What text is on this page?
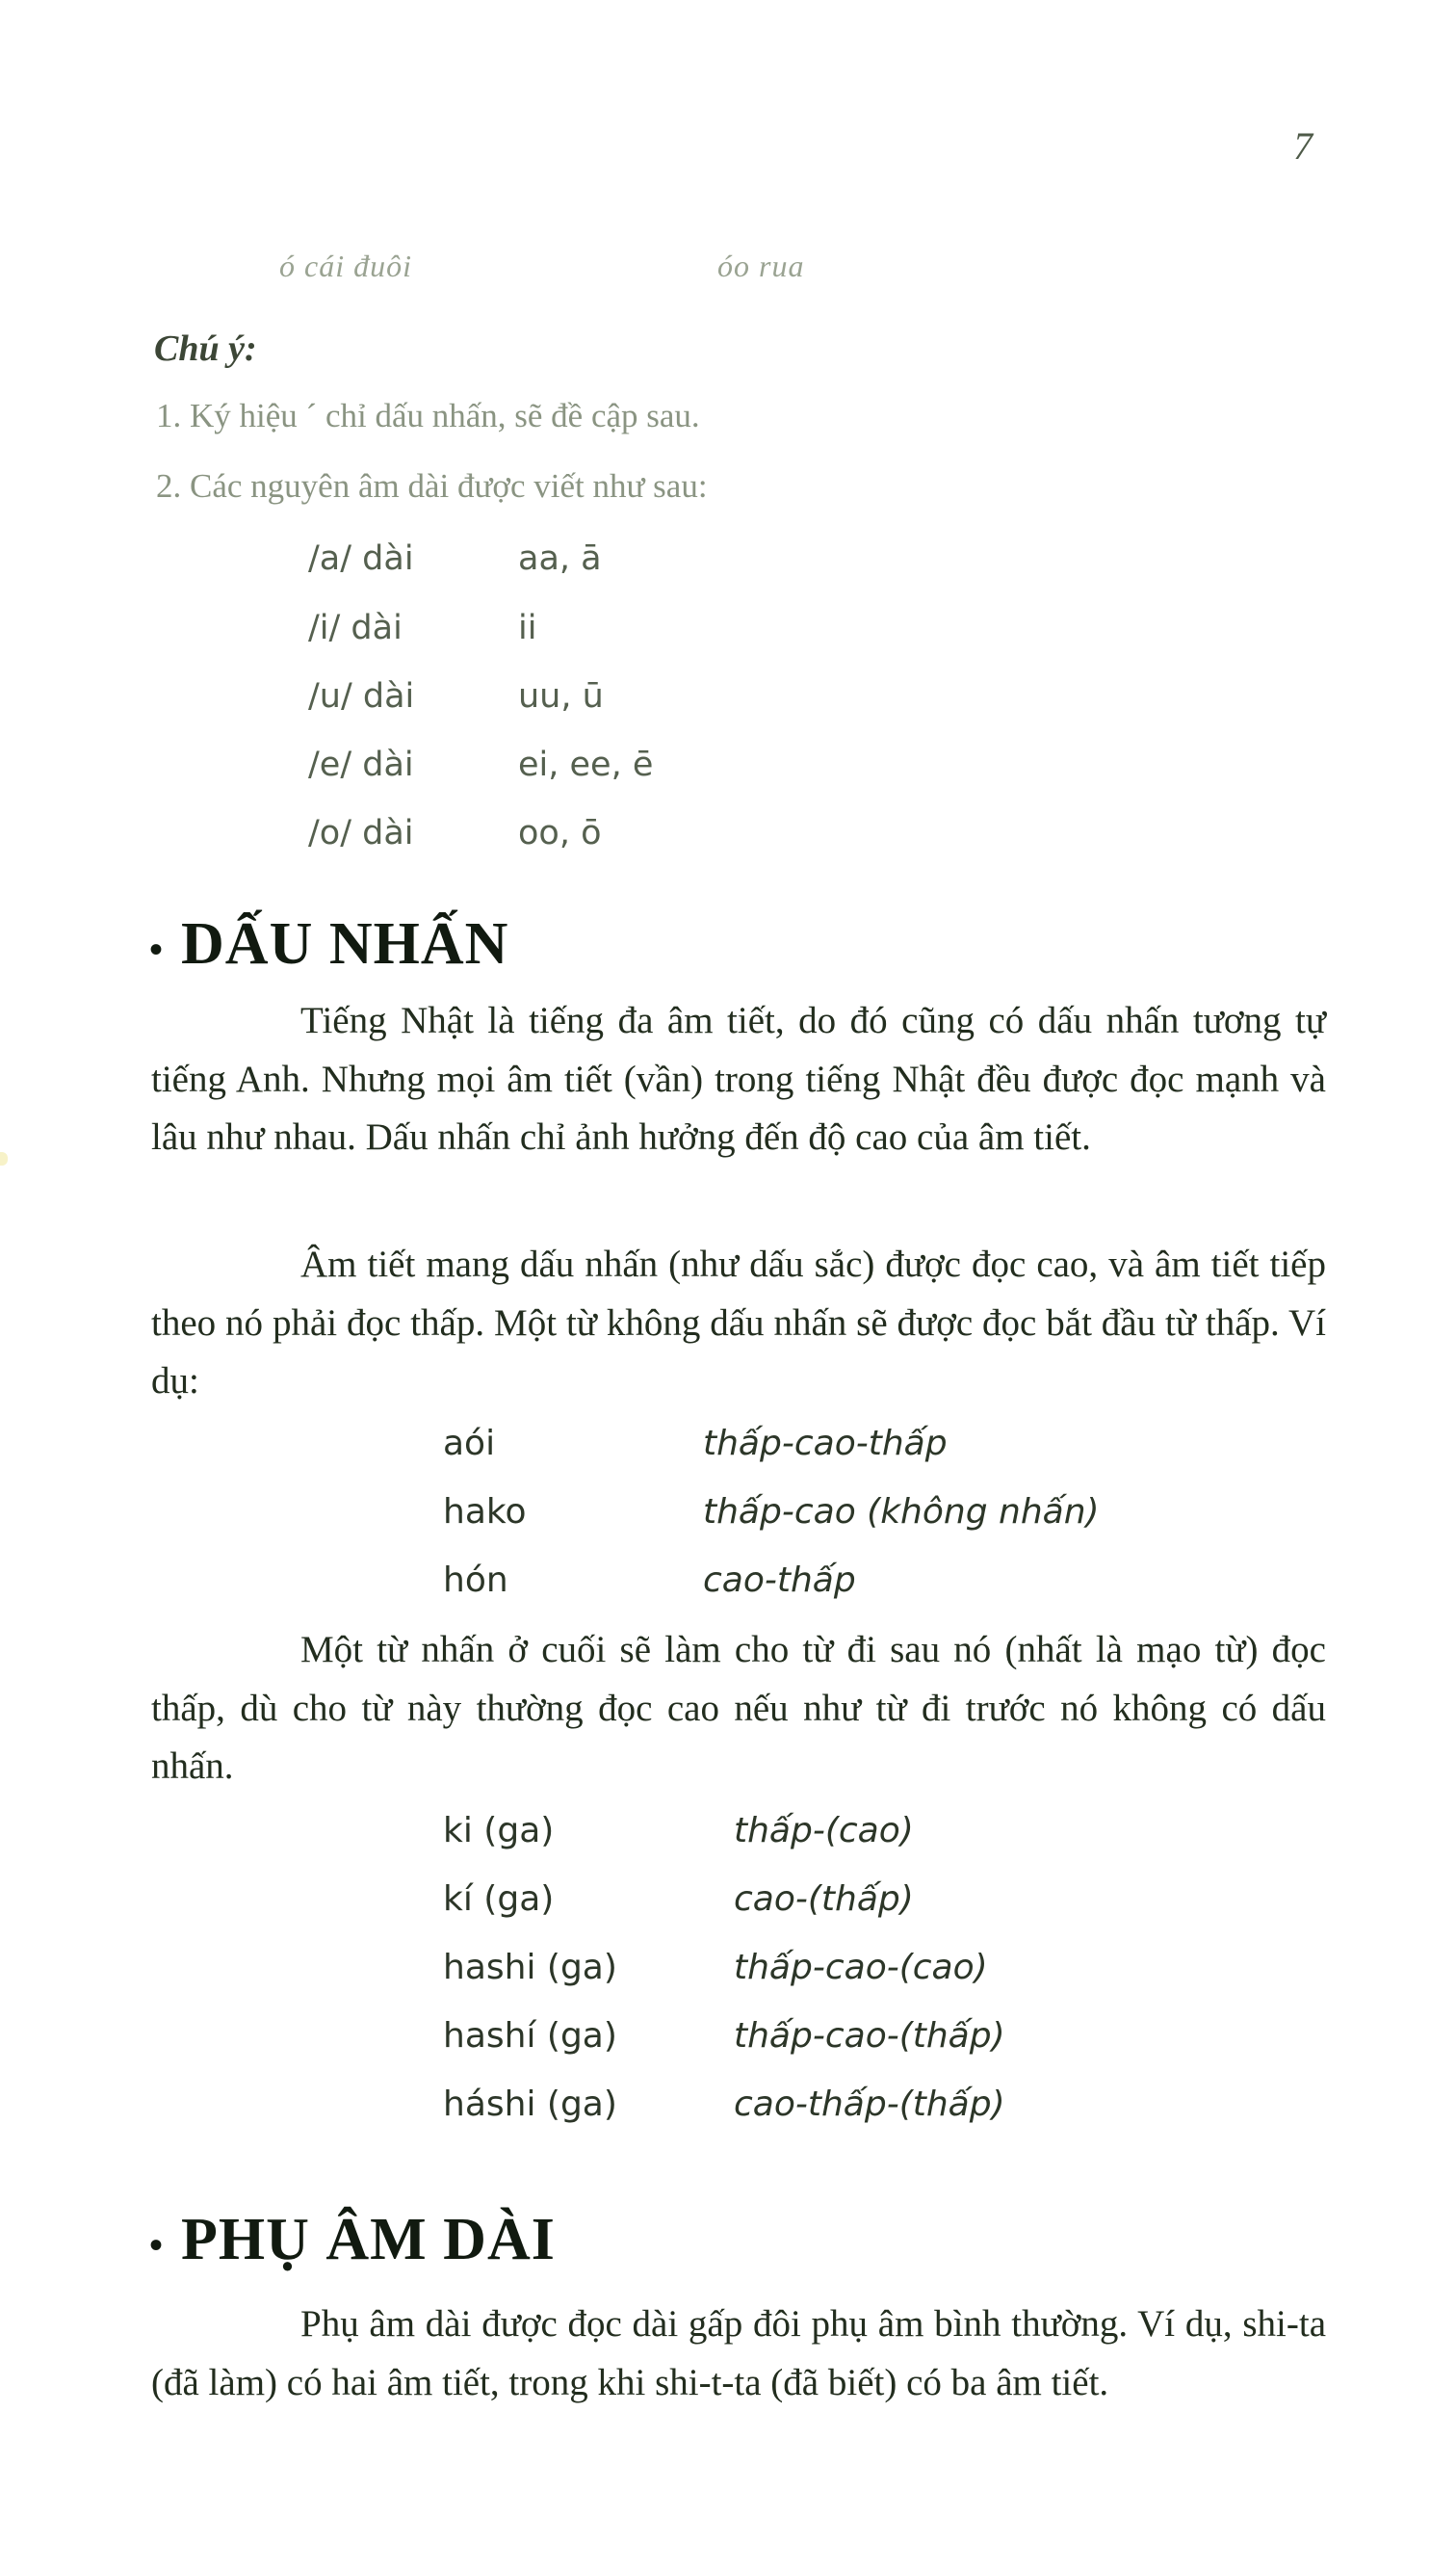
7
ó cái đuôi	óo rua
Chú ý:
1. Ký hiệu ´ chỉ dấu nhấn, sẽ đề cập sau.
2. Các nguyên âm dài được viết như sau:
/a/ dài	aa, ā
/i/ dài	ii
/u/ dài	uu, ū
/e/ dài	ei, ee, ē
/o/ dài	oo, ō
• DẤU NHẤN
Tiếng Nhật là tiếng đa âm tiết, do đó cũng có dấu nhấn tương tự tiếng Anh. Nhưng mọi âm tiết (vần) trong tiếng Nhật đều được đọc mạnh và lâu như nhau. Dấu nhấn chỉ ảnh hưởng đến độ cao của âm tiết.
Âm tiết mang dấu nhấn (như dấu sắc) được đọc cao, và âm tiết tiếp theo nó phải đọc thấp. Một từ không dấu nhấn sẽ được đọc bắt đầu từ thấp. Ví dụ:
aói	thấp-cao-thấp
hako	thấp-cao (không nhấn)
hón	cao-thấp
Một từ nhấn ở cuối sẽ làm cho từ đi sau nó (nhất là mạo từ) đọc thấp, dù cho từ này thường đọc cao nếu như từ đi trước nó không có dấu nhấn.
ki (ga)	thấp-(cao)
kí (ga)	cao-(thấp)
hashi (ga)	thấp-cao-(cao)
hashí (ga)	thấp-cao-(thấp)
háshi (ga)	cao-thấp-(thấp)
• PHỤ ÂM DÀI
Phụ âm dài được đọc dài gấp đôi phụ âm bình thường. Ví dụ, shi-ta (đã làm) có hai âm tiết, trong khi shi-t-ta (đã biết) có ba âm tiết.
